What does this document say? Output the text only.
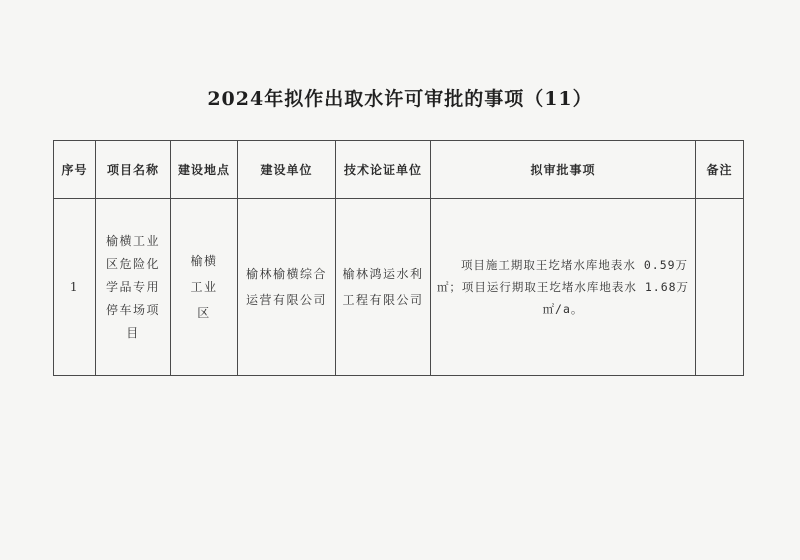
2024年拟作出取水许可审批的事项（11）
序号	项目名称	建设地点	建设单位	技术论证单位	拟审批事项	备注
1	榆横工业区危险化学品专用停车场项目	榆横工业区	榆林榆横综合运营有限公司	榆林鸿运水利工程有限公司	项目施工期取王圪堵水库地表水 0.59万㎡；项目运行期取王圪堵水库地表水 1.68万㎡/a。	
